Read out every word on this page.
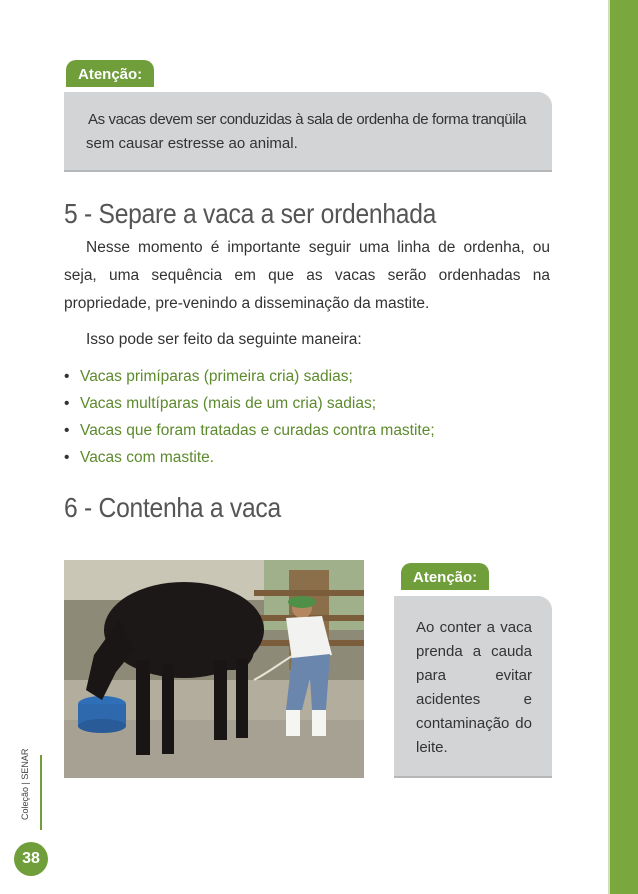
Atenção:
As vacas devem ser conduzidas à sala de ordenha de forma tranqüila
sem causar estresse ao animal.
5 - Separe a vaca a ser ordenhada
Nesse momento é importante seguir uma linha de ordenha, ou seja, uma sequência em que as vacas serão ordenhadas na propriedade, pre-venindo a disseminação da mastite.
Isso pode ser feito da seguinte maneira:
• Vacas primíparas (primeira cria) sadias;
• Vacas multíparas (mais de um cria) sadias;
• Vacas que foram tratadas e curadas contra mastite;
• Vacas com mastite.
6 - Contenha a vaca
Atenção:
Ao conter a vaca prenda a cauda para evitar acidentes e contaminação do leite.
Coleção | SENAR
38
